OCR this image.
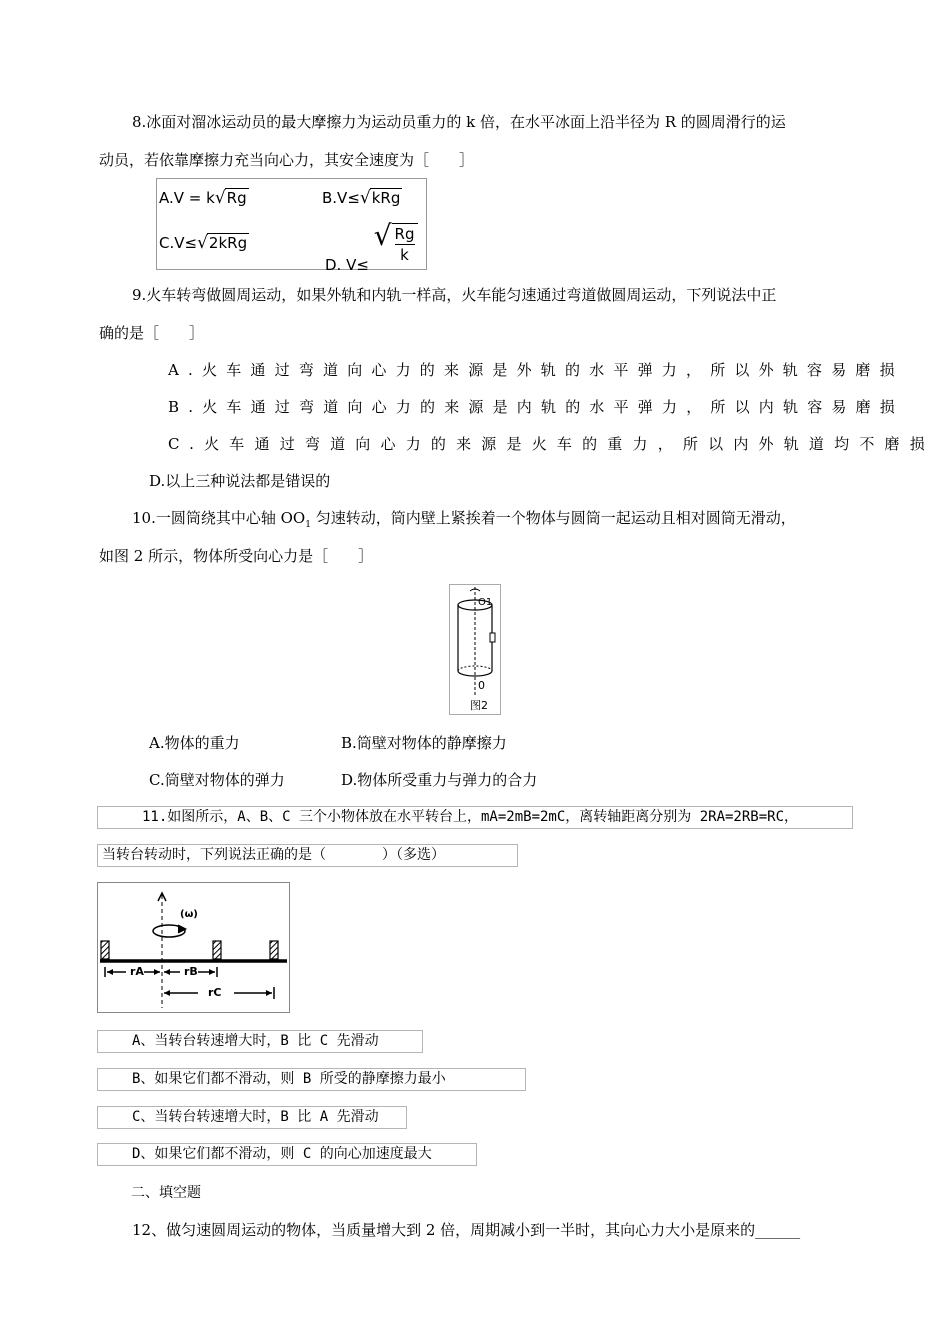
8.冰面对溜冰运动员的最大摩擦力为运动员重力的 k 倍，在水平冰面上沿半径为 R 的圆周滑行的运
动员，若依靠摩擦力充当向心力，其安全速度为［　　］
A.V = k√Rg	B.V≤√kRg
C.V≤√2kRg
D. V≤ √ $\frac{Rg}{k}$
9.火车转弯做圆周运动，如果外轨和内轨一样高，火车能匀速通过弯道做圆周运动，下列说法中正
确的是［　　］
A.火车通过弯道向心力的来源是外轨的水平弹力，所以外轨容易磨损
B.火车通过弯道向心力的来源是内轨的水平弹力，所以内轨容易磨损
C.火车通过弯道向心力的来源是火车的重力，所以内外轨道均不磨损
D.以上三种说法都是错误的
10.一圆筒绕其中心轴 $OO_1$ 匀速转动，筒内壁上紧挨着一个物体与圆筒一起运动且相对圆筒无滑动，
如图 2 所示，物体所受向心力是［　　］
O1
0
图2
A.物体的重力	B.筒壁对物体的静摩擦力
C.筒壁对物体的弹力	D.物体所受重力与弹力的合力
11.如图所示，A、B、C 三个小物体放在水平转台上，mA=2mB=2mC，离转轴距离分别为 2RA=2RB=RC，
当转台转动时，下列说法正确的是（　　　　）（多选）
(ω)
rA	rB
rC
A、当转台转速增大时，B 比 C 先滑动
B、如果它们都不滑动，则 B 所受的静摩擦力最小
C、当转台转速增大时，B 比 A 先滑动
D、如果它们都不滑动，则 C 的向心加速度最大
二、填空题
12、做匀速圆周运动的物体，当质量增大到 2 倍，周期减小到一半时，其向心力大小是原来的______
